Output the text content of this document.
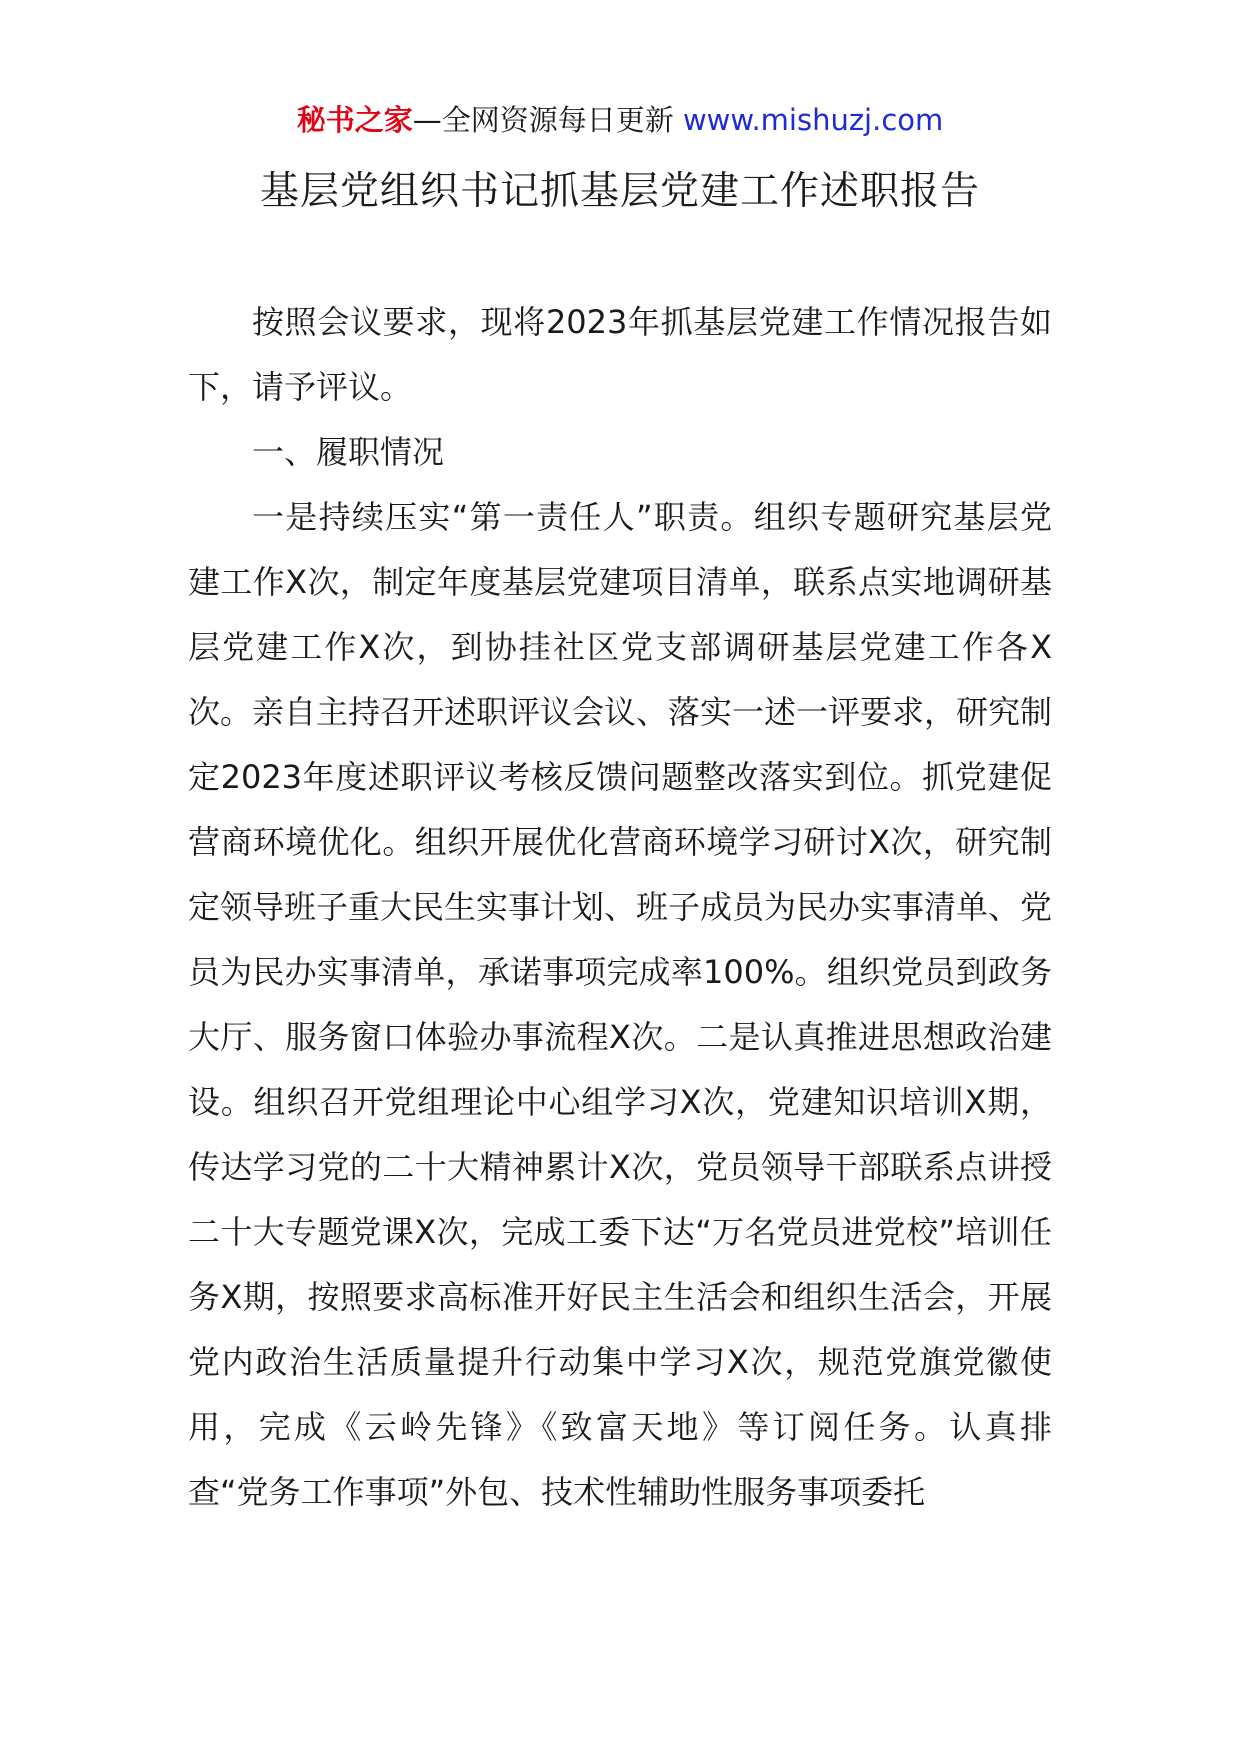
秘书之家—全网资源每日更新 www.mishuzj.com
基层党组织书记抓基层党建工作述职报告

按照会议要求，现将2023年抓基层党建工作情况报告如下，请予评议。

一、履职情况

一是持续压实“第一责任人”职责。组织专题研究基层党建工作X次，制定年度基层党建项目清单，联系点实地调研基层党建工作X次，到协挂社区党支部调研基层党建工作各X次。亲自主持召开述职评议会议、落实一述一评要求，研究制定2023年度述职评议考核反馈问题整改落实到位。抓党建促营商环境优化。组织开展优化营商环境学习研讨X次，研究制定领导班子重大民生实事计划、班子成员为民办实事清单、党员为民办实事清单，承诺事项完成率100%。组织党员到政务大厅、服务窗口体验办事流程X次。二是认真推进思想政治建设。组织召开党组理论中心组学习X次，党建知识培训X期，传达学习党的二十大精神累计X次，党员领导干部联系点讲授二十大专题党课X次，完成工委下达“万名党员进党校”培训任务X期，按照要求高标准开好民主生活会和组织生活会，开展党内政治生活质量提升行动集中学习X次，规范党旗党徽使用，完成《云岭先锋》《致富天地》等订阅任务。认真排查“党务工作事项”外包、技术性辅助性服务事项委托
